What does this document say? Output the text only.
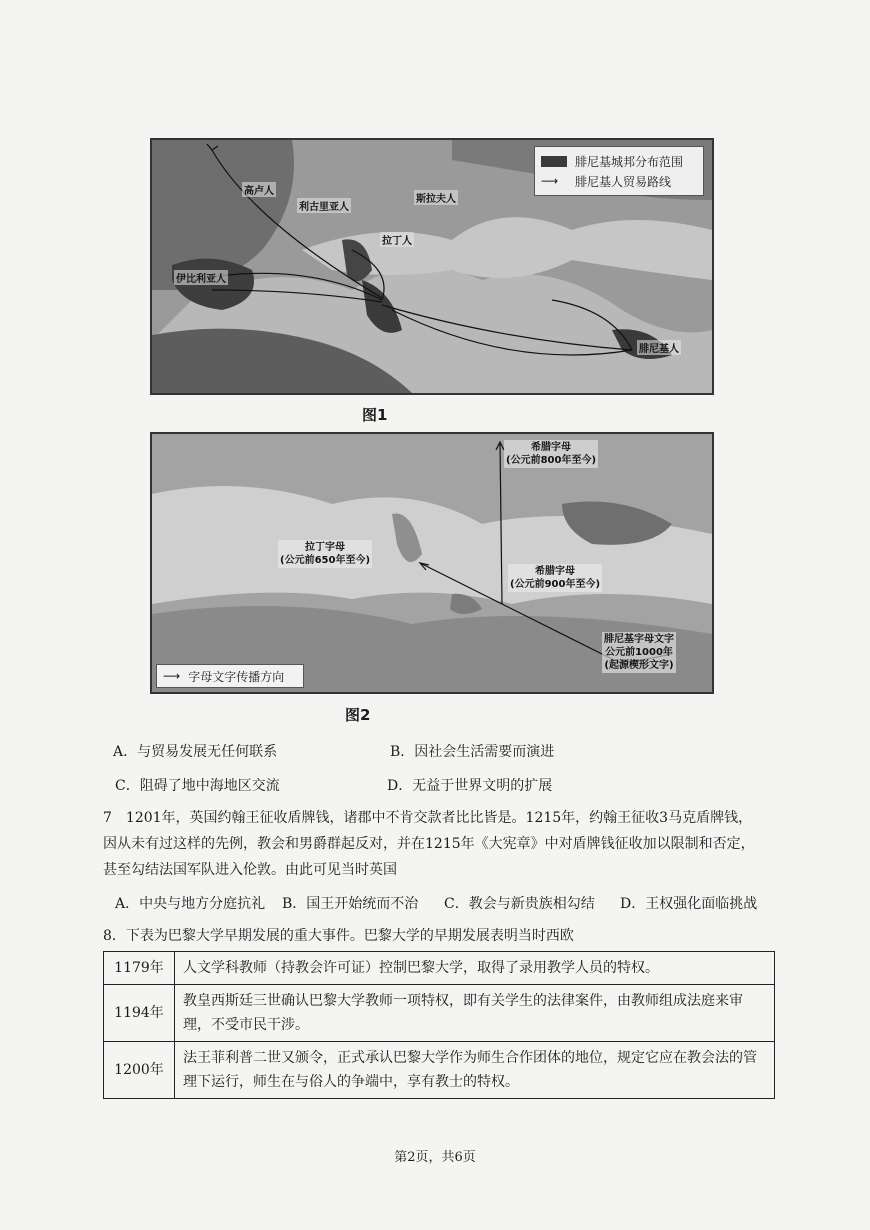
高卢人
伊比利亚人
利古里亚人
拉丁人
斯拉夫人
腓尼基人
腓尼基城邦分布范围
⟶	腓尼基人贸易路线
图1
希腊字母
(公元前800年至今)
拉丁字母
(公元前650年至今)
希腊字母
(公元前900年至今)
腓尼基字母文字
公元前1000年
(起源楔形文字)
⟶ 字母文字传播方向
图2
A．与贸易发展无任何联系	B．因社会生活需要而演进
C．阻碍了地中海地区交流	D．无益于世界文明的扩展
7　1201年，英国约翰王征收盾牌钱，诸郡中不肯交款者比比皆是。1215年，约翰王征收3马克盾牌钱，
因从未有过这样的先例，教会和男爵群起反对，并在1215年《大宪章》中对盾牌钱征收加以限制和否定，
甚至勾结法国军队进入伦敦。由此可见当时英国
A．中央与地方分庭抗礼 B．国王开始统而不治 C．教会与新贵族相勾结 D．王权强化面临挑战
8．下表为巴黎大学早期发展的重大事件。巴黎大学的早期发展表明当时西欧
1179年	人文学科教师（持教会许可证）控制巴黎大学，取得了录用教学人员的特权。
1194年	教皇西斯廷三世确认巴黎大学教师一项特权，即有关学生的法律案件，由教师组成法庭来审理，不受市民干涉。
1200年	法王菲利普二世又颁令，正式承认巴黎大学作为师生合作团体的地位，规定它应在教会法的管理下运行，师生在与俗人的争端中，享有教士的特权。
第2页，共6页
